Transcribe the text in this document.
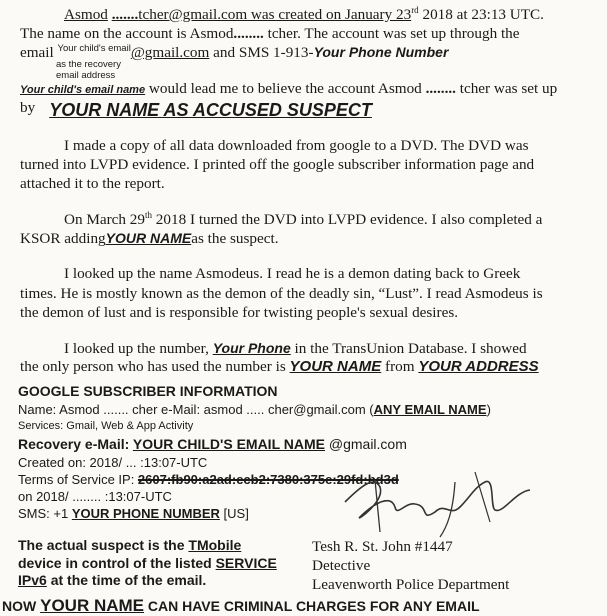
Asmod .......tcher@gmail.com was created on January 23rd 2018 at 23:13 UTC.
The name on the account is Asmod........ tcher. The account was set up through the
email $^{Your child's email}$@gmail.com and SMS 1-913-Your Phone Number
as the recovery
email address
Your child's email name would lead me to believe the account Asmod ........ tcher was set up
by YOUR NAME AS ACCUSED SUSPECT
I made a copy of all data downloaded from google to a DVD. The DVD was
turned into LVPD evidence. I printed off the google subscriber information page and
attached it to the report.
On March 29th 2018 I turned the DVD into LVPD evidence. I also completed a
KSOR addingYOUR NAMEas the suspect.
I looked up the name Asmodeus. I read he is a demon dating back to Greek
times. He is mostly known as the demon of the deadly sin, “Lust”. I read Asmodeus is
the demon of lust and is responsible for twisting people's sexual desires.
I looked up the number, Your Phone in the TransUnion Database. I showed
the only person who has used the number is YOUR NAME from YOUR ADDRESS
GOOGLE SUBSCRIBER INFORMATION
Name: Asmod ....... cher e-Mail: asmod ..... cher@gmail.com (ANY EMAIL NAME)
Services: Gmail, Web & App Activity
Recovery e-Mail: YOUR CHILD'S EMAIL NAME @gmail.com
Created on: 2018/ ... :13:07-UTC
Terms of Service IP: 2607:fb90:a2ad:ecb2:7380:375e:29fd:bd3d
on 2018/ ........ :13:07-UTC
SMS: +1 YOUR PHONE NUMBER [US]
The actual suspect is the TMobile
device in control of the listed SERVICE
IPv6 at the time of the email.
Tesh R. St. John #1447
Detective
Leavenworth Police Department
NOW YOUR NAME CAN HAVE CRIMINAL CHARGES FOR ANY EMAIL
